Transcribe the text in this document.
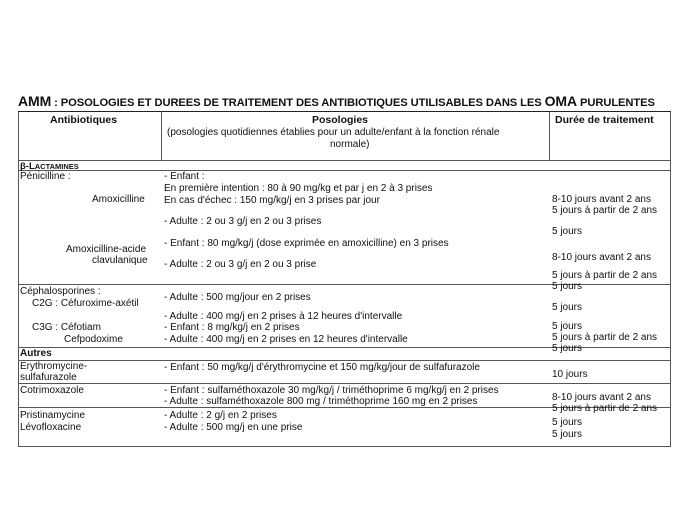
AMM : POSOLOGIES ET DUREES DE TRAITEMENT DES ANTIBIOTIQUES UTILISABLES DANS LES OMA PURULENTES
Antibiotiques	Posologies
(posologies quotidiennes établies pour un adulte/enfant à la fonction rénale
normale)
Durée de traitement
β-LACTAMINES
Pénicilline :
Amoxicilline
Amoxicilline-acide
clavulanique
Céphalosporines :
C2G : Céfuroxime-axétil
C3G : Céfotiam
Cefpodoxime
Autres
Erythromycine-
sulfafurazole
Cotrimoxazole
Pristinamycine
Lévofloxacine
- Enfant :
En première intention : 80 à 90 mg/kg et par j en 2 à 3 prises
En cas d'échec : 150 mg/kg/j en 3 prises par jour
- Adulte : 2 ou 3 g/j en 2 ou 3 prises
- Enfant : 80 mg/kg/j (dose exprimée en amoxicilline) en 3 prises
- Adulte : 2 ou 3 g/j en 2 ou 3 prise
- Adulte : 500 mg/jour en 2 prises
- Adulte : 400 mg/j en 2 prises à 12 heures d'intervalle
- Enfant : 8 mg/kg/j en 2 prises
- Adulte : 400 mg/j en 2 prises en 12 heures d'intervalle
- Enfant : 50 mg/kg/j d'érythromycine et 150 mg/kg/jour de sulfafurazole
- Enfant : sulfaméthoxazole 30 mg/kg/j / triméthoprime 6 mg/kg/j en 2 prises
- Adulte : sulfaméthoxazole 800 mg / triméthoprime 160 mg en 2 prises
- Adulte : 2 g/j en 2 prises
- Adulte : 500 mg/j en une prise
8-10 jours avant 2 ans
5 jours à partir de 2 ans
5 jours
8-10 jours avant 2 ans
5 jours à partir de 2 ans
5 jours
5 jours
5 jours
5 jours à partir de 2 ans
5 jours
10 jours
8-10 jours avant 2 ans
5 jours à partir de 2 ans
5 jours
5 jours
